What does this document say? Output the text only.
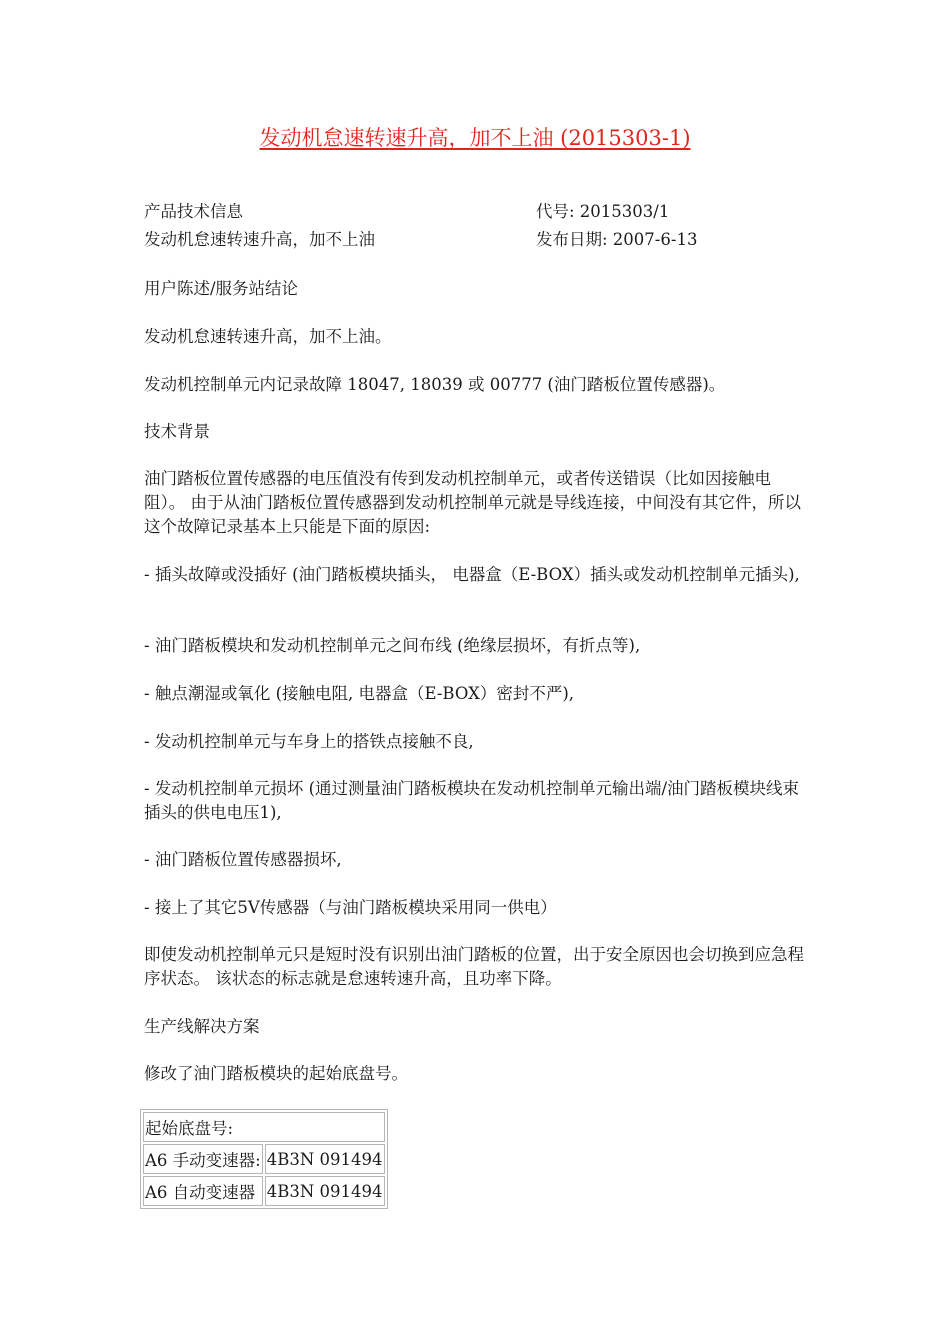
发动机怠速转速升高，加不上油 (2015303-1)
产品技术信息	代号: 2015303/1
发动机怠速转速升高，加不上油	发布日期: 2007-6-13
用户陈述/服务站结论
发动机怠速转速升高，加不上油。
发动机控制单元内记录故障 18047, 18039 或 00777 (油门踏板位置传感器)。
技术背景
油门踏板位置传感器的电压值没有传到发动机控制单元，或者传送错误（比如因接触电阻）。 由于从油门踏板位置传感器到发动机控制单元就是导线连接，中间没有其它件，所以这个故障记录基本上只能是下面的原因:
- 插头故障或没插好 (油门踏板模块插头， 电器盒（E-BOX）插头或发动机控制单元插头),
- 油门踏板模块和发动机控制单元之间布线 (绝缘层损坏，有折点等),
- 触点潮湿或氧化 (接触电阻, 电器盒（E-BOX）密封不严),
- 发动机控制单元与车身上的搭铁点接触不良,
- 发动机控制单元损坏 (通过测量油门踏板模块在发动机控制单元输出端/油门踏板模块线束插头的供电电压1),
- 油门踏板位置传感器损坏,
- 接上了其它5V传感器（与油门踏板模块采用同一供电）
即使发动机控制单元只是短时没有识别出油门踏板的位置，出于安全原因也会切换到应急程序状态。 该状态的标志就是怠速转速升高，且功率下降。
生产线解决方案
修改了油门踏板模块的起始底盘号。
起始底盘号:	
A6 手动变速器:	4B3N 091494
A6 自动变速器	4B3N 091494
